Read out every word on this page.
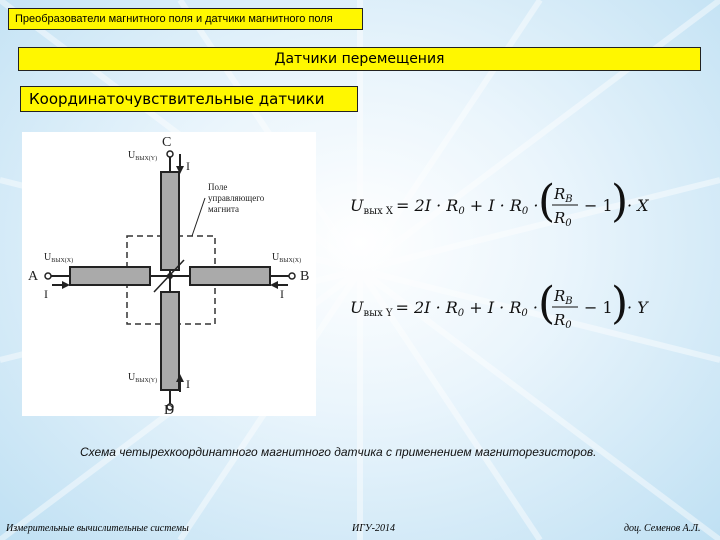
Преобразователи магнитного поля и датчики магнитного поля
Датчики перемещения
Координаточувствительные датчики
C
D
A	B
$U_{ВЫХ(Y)}$
$U_{ВЫХ(X)}$	$U_{ВЫХ(X)}$
$U_{ВЫХ(Y)}$
I
I	I
I
Поле
управляющего
магнита	Uвых X = 2I · R0 + I · R0 · (
$R_B$
$R_0$
− 1
)
· X
Uвых Y = 2I · R0 + I · R0 · (
$R_B$
$R_0$
− 1
)
· Y
Схема четырехкоординатного магнитного датчика с применением магниторезисторов.
Измерительные вычислительные системы	ИГУ-2014	доц. Семенов А.Л.
